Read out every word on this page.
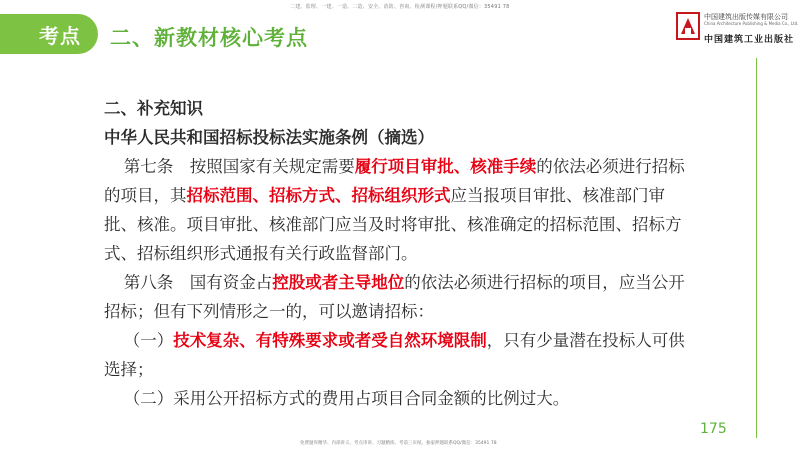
二建、监理、一建、一造、二造、安全、消防、咨询、检测课程/押题联系QQ/微信：35491 78
考点	二、新教材核心考点
中国建筑出版传媒有限公司
China Architecture Publishing & Media Co., Ltd.
中国建筑工业出版社

二、补充知识

中华人民共和国招标投标法实施条例（摘选）

第七条　按照国家有关规定需要履行项目审批、核准手续的依法必须进行招标的项目，其招标范围、招标方式、招标组织形式应当报项目审批、核准部门审批、核准。项目审批、核准部门应当及时将审批、核准确定的招标范围、招标方式、招标组织形式通报有关行政监督部门。

第八条　国有资金占控股或者主导地位的依法必须进行招标的项目，应当公开招标；但有下列情形之一的，可以邀请招标：

（一）技术复杂、有特殊要求或者受自然环境限制，只有少量潜在投标人可供选择；

（二）采用公开招标方式的费用占项目合同金额的比例过大。

175
免费题库精华、内部讲义、考点串讲、习题精炼、考前三页纸、独家押题联系QQ/微信：35491 78
